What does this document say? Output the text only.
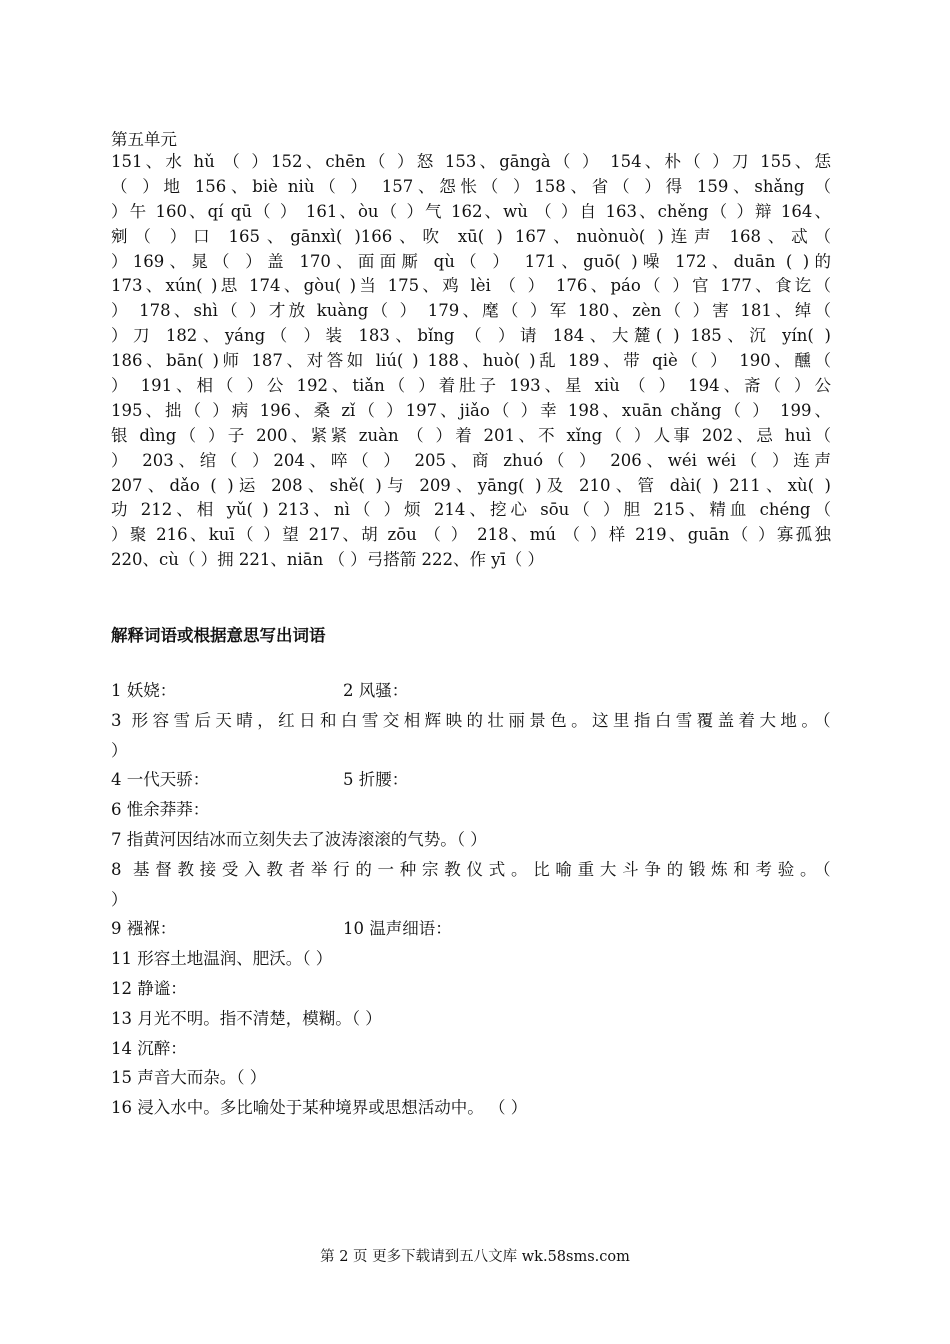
第五单元
151、水 hǔ （ ）152、chēn（ ）怒 153、gāngà（ ） 154、朴（ ）刀 155、恁
（ ）地 156、biè niù（ ） 157、怨怅（ ）158、省（ ）得 159、shǎng （
）午 160、qí qū（ ） 161、òu（ ）气 162、wù （ ）自 163、chěng（ ）辩 164、
剜（ ）口 165、gānxì( )166、吹 xū( ) 167、nuònuò( )连声 168、忒（
）169、晁（ ）盖 170、面面厮 qù（ ） 171、guō( )噪 172、duān ( )的
173、xún( )思 174、gòu( )当 175、鸡 lèi （ ） 176、páo（ ）官 177、食讫（
） 178、shì（ ）才放 kuàng（ ） 179、麾（ ）军 180、zèn（ ）害 181、绰（
）刀 182、yáng（ ）装 183、bǐng （ ）请 184、大麓( ) 185、沉 yín( )
186、bān( )师 187、对答如 liú( ) 188、huò( )乱 189、带 qiè（ ） 190、醺（
） 191、相（ ）公 192、tiǎn（ ）着肚子 193、星 xiù （ ） 194、斋（ ）公
195、拙（ ）病 196、桑 zǐ（ ）197、jiǎo（ ）幸 198、xuān chǎng（ ） 199、
银 dìng（ ）子 200、紧紧 zuàn （ ）着 201、不 xǐng（ ）人事 202、忌 huì（
） 203、绾（ ）204、啐（ ） 205、商 zhuó（ ） 206、wéi wéi（ ）连声
207、dǎo ( )运 208、shě( )与 209、yāng( )及 210、管 dài( ) 211、xù( )
功 212、相 yǔ( ) 213、nì（ ）烦 214、挖心 sōu（ ）胆 215、精血 chéng（
）聚 216、kuī（ ）望 217、胡 zōu （ ） 218、mú （ ）样 219、guān（ ）寡孤独
220、cù（ ）拥 221、niān （ ）弓搭箭 222、作 yī（ ）
解释词语或根据意思写出词语
1 妖娆：	2 风骚：
3 形容雪后天晴，红日和白雪交相辉映的壮丽景色。这里指白雪覆盖着大地。（
）
4 一代天骄：	5 折腰：
6 惟余莽莽：
7 指黄河因结冰而立刻失去了波涛滚滚的气势。（ ）
8 基督教接受入教者举行的一种宗教仪式。比喻重大斗争的锻炼和考验。（
）
9 襁褓：	10 温声细语：
11 形容土地温润、肥沃。（ ）
12 静谧：
13 月光不明。指不清楚，模糊。（ ）
14 沉醉：
15 声音大而杂。（ ）
16 浸入水中。多比喻处于某种境界或思想活动中。 （ ）
第 2 页 更多下载请到五八文库 wk.58sms.com
